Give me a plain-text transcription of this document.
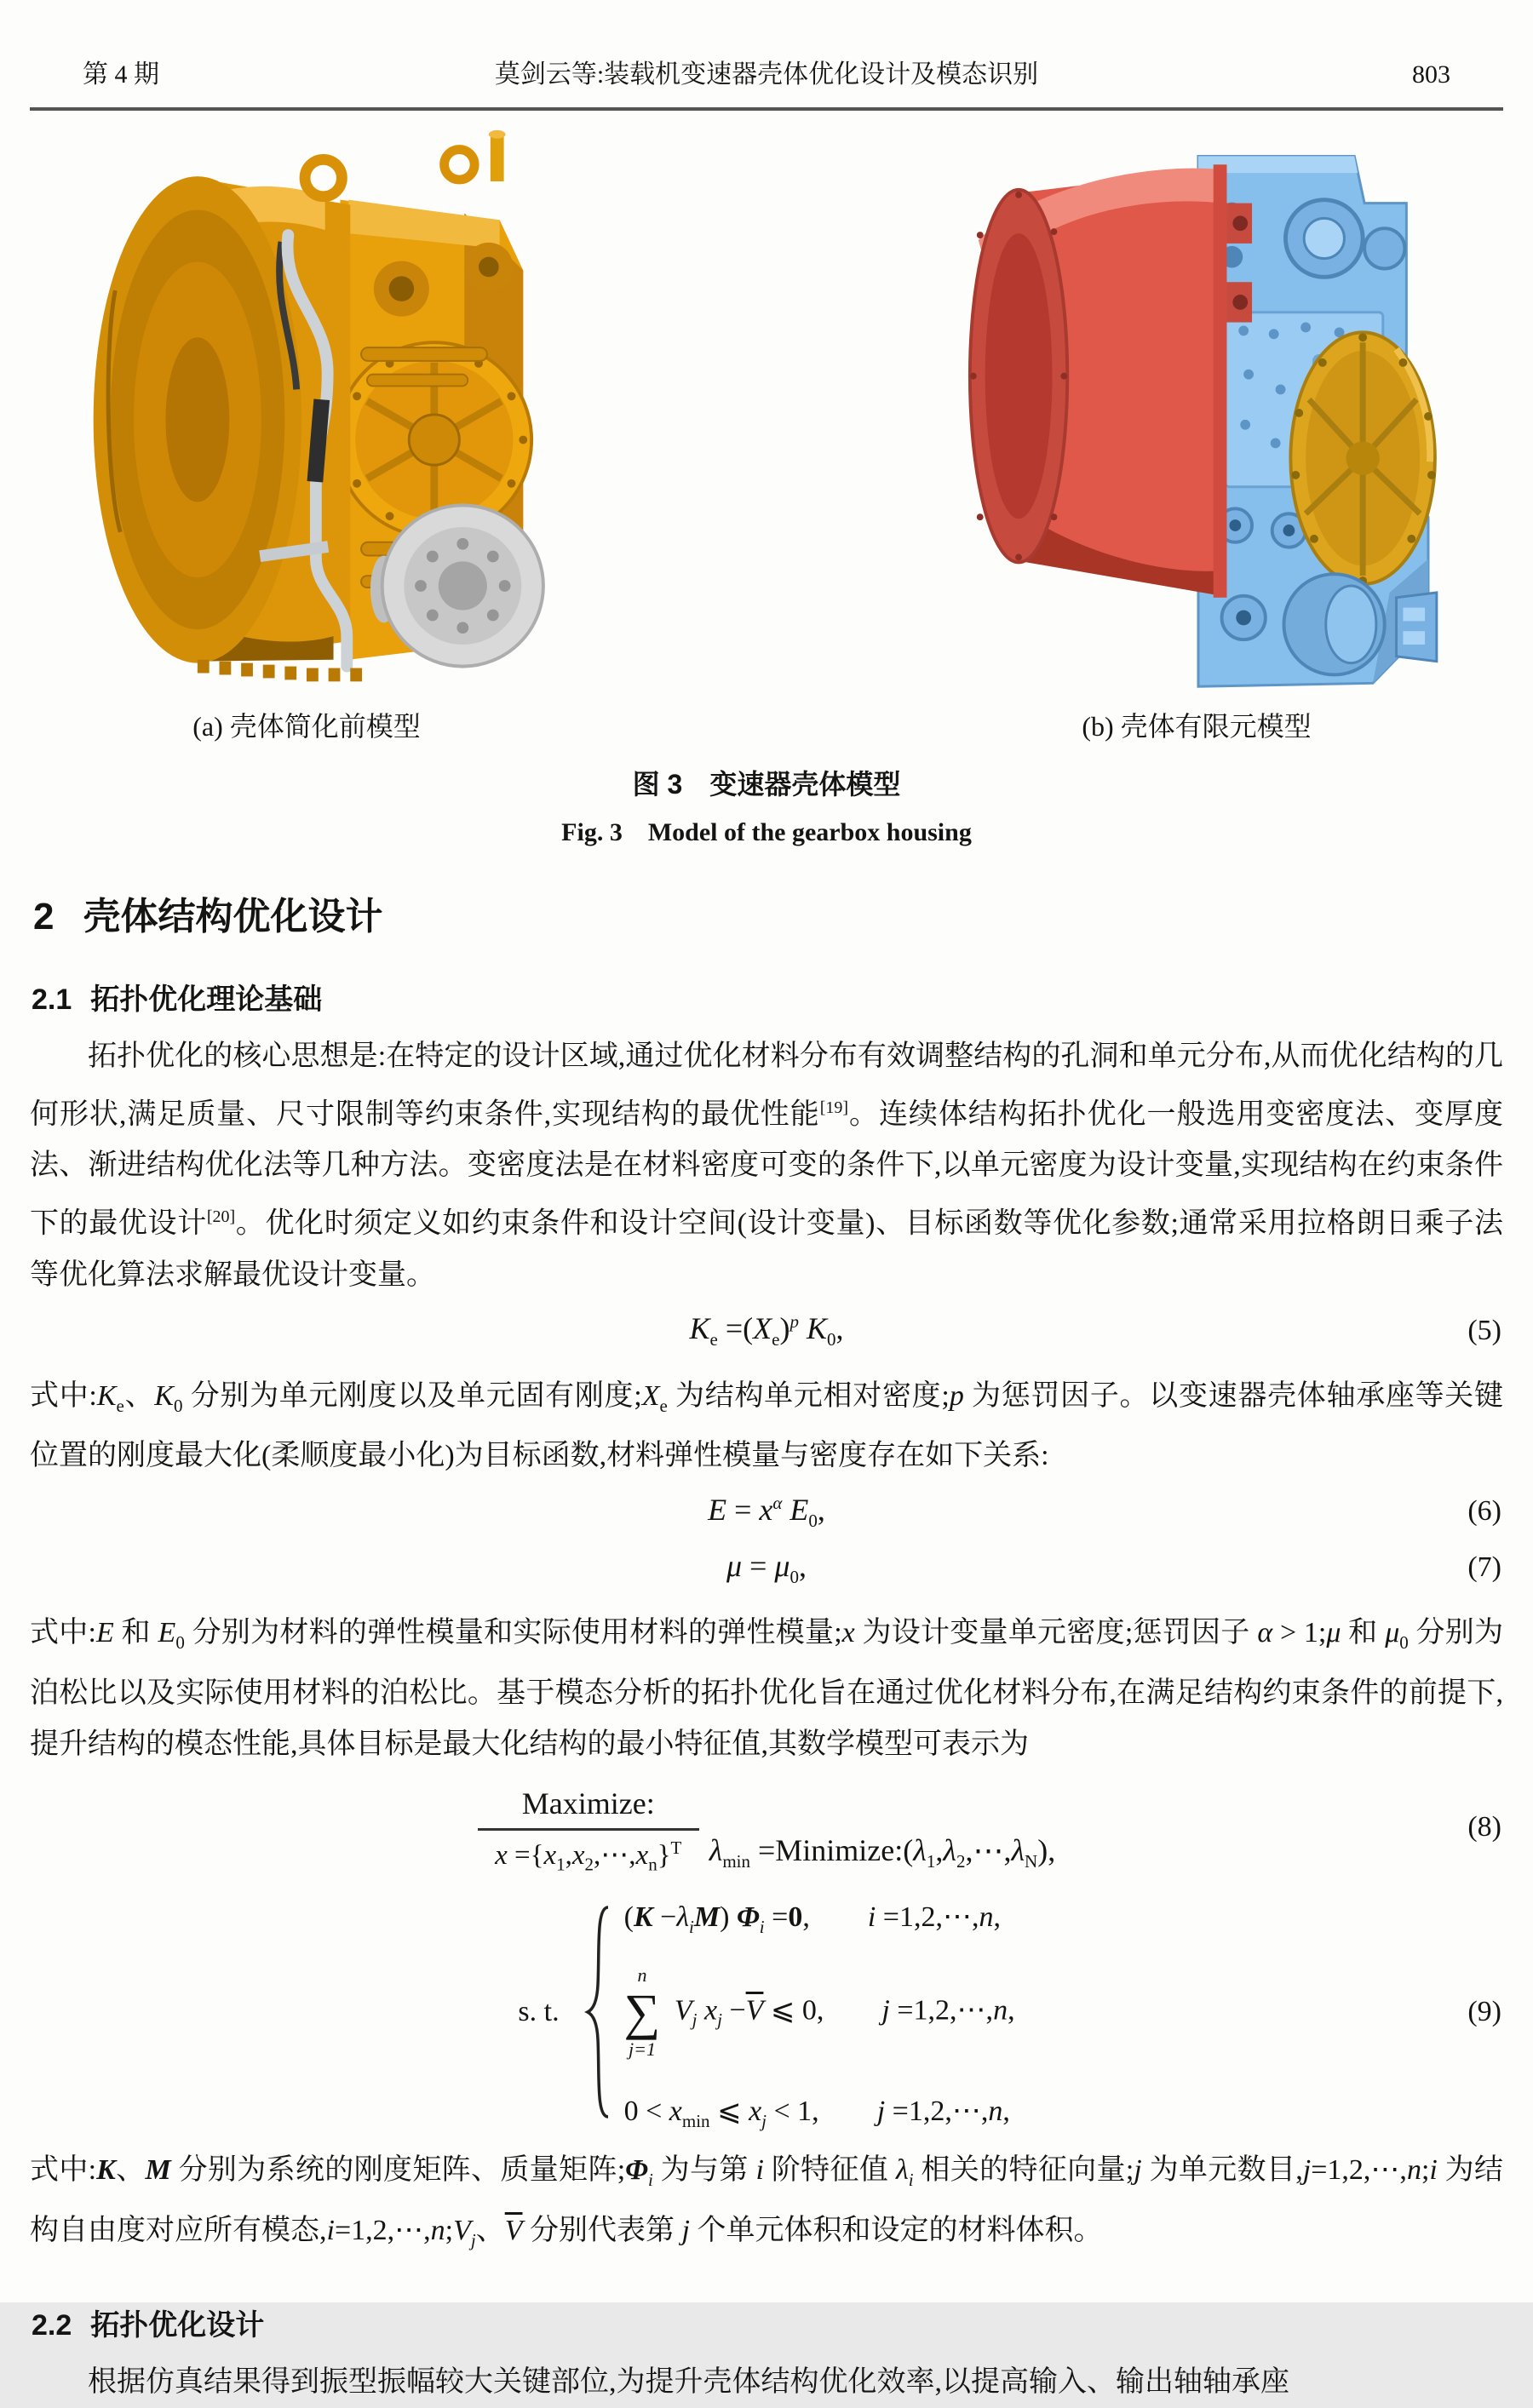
第 4 期	莫剑云等:装载机变速器壳体优化设计及模态识别	803
(a) 壳体简化前模型	(b) 壳体有限元模型
图 3　变速器壳体模型
Fig. 3　Model of the gearbox housing
2 壳体结构优化设计
2.1 拓扑优化理论基础

拓扑优化的核心思想是:在特定的设计区域,通过优化材料分布有效调整结构的孔洞和单元分布,从而优化结构的几何形状,满足质量、尺寸限制等约束条件,实现结构的最优性能[19]。连续体结构拓扑优化一般选用变密度法、变厚度法、渐进结构优化法等几种方法。变密度法是在材料密度可变的条件下,以单元密度为设计变量,实现结构在约束条件下的最优设计[20]。优化时须定义如约束条件和设计空间(设计变量)、目标函数等优化参数;通常采用拉格朗日乘子法等优化算法求解最优设计变量。

$K_e =(X_e)^p$ $K_0$,	(5)

式中$:K_e$、$K_0$ 分别为单元刚度以及单元固有刚度$;X_e$ 为结构单元相对密度;p 为惩罚因子。以变速器壳体轴承座等关键位置的刚度最大化(柔顺度最小化)为目标函数,材料弹性模量与密度存在如下关系:

$E = x^\alpha$ $E_0$,	(6)
$\mu = \mu_0$,	(7)

式中:E 和 $E_0$ 分别为材料的弹性模量和实际使用材料的弹性模量;x 为设计变量单元密度;惩罚因子 α > 1;μ 和 $\mu_0$ 分别为泊松比以及实际使用材料的泊松比。基于模态分析的拓扑优化旨在通过优化材料分布,在满足结构约束条件的前提下,提升结构的模态性能,具体目标是最大化结构的最小特征值,其数学模型可表示为

$\frac{\text{Maximize:}}{x =\{x_1,x_2,\cdots,x_n\}^T} \lambda_{min}$ $=Minimize:(\lambda_1,\lambda_2,\cdots,\lambda_N)$,
(8)
s. t.
$(K -\lambda_iM)$ $\Phi_i =0$,　　i =1,2,⋯,n,
n
∑
j=1
$V_j$ $x_j -\overline{V}$ ⩽ 0,　　j =1,2,⋯,n,
$0 < x_{min}$ ⩽ $x_j < 1$,　　j =1,2,⋯,n,
(9)

式中:K、M 分别为系统的刚度矩阵、质量矩阵$;\Phi_i$ 为与第 i 阶特征值 $\lambda_i$ 相关的特征向量;j 为单元数目,j=1,2,⋯,n;i 为结构自由度对应所有模态$,i=1,2,\cdots,n;V_j$、$\overline{V}$ 分别代表第 j 个单元体积和设定的材料体积。

2.2 拓扑优化设计

根据仿真结果得到振型振幅较大关键部位,为提升壳体结构优化效率,以提高输入、输出轴轴承座
